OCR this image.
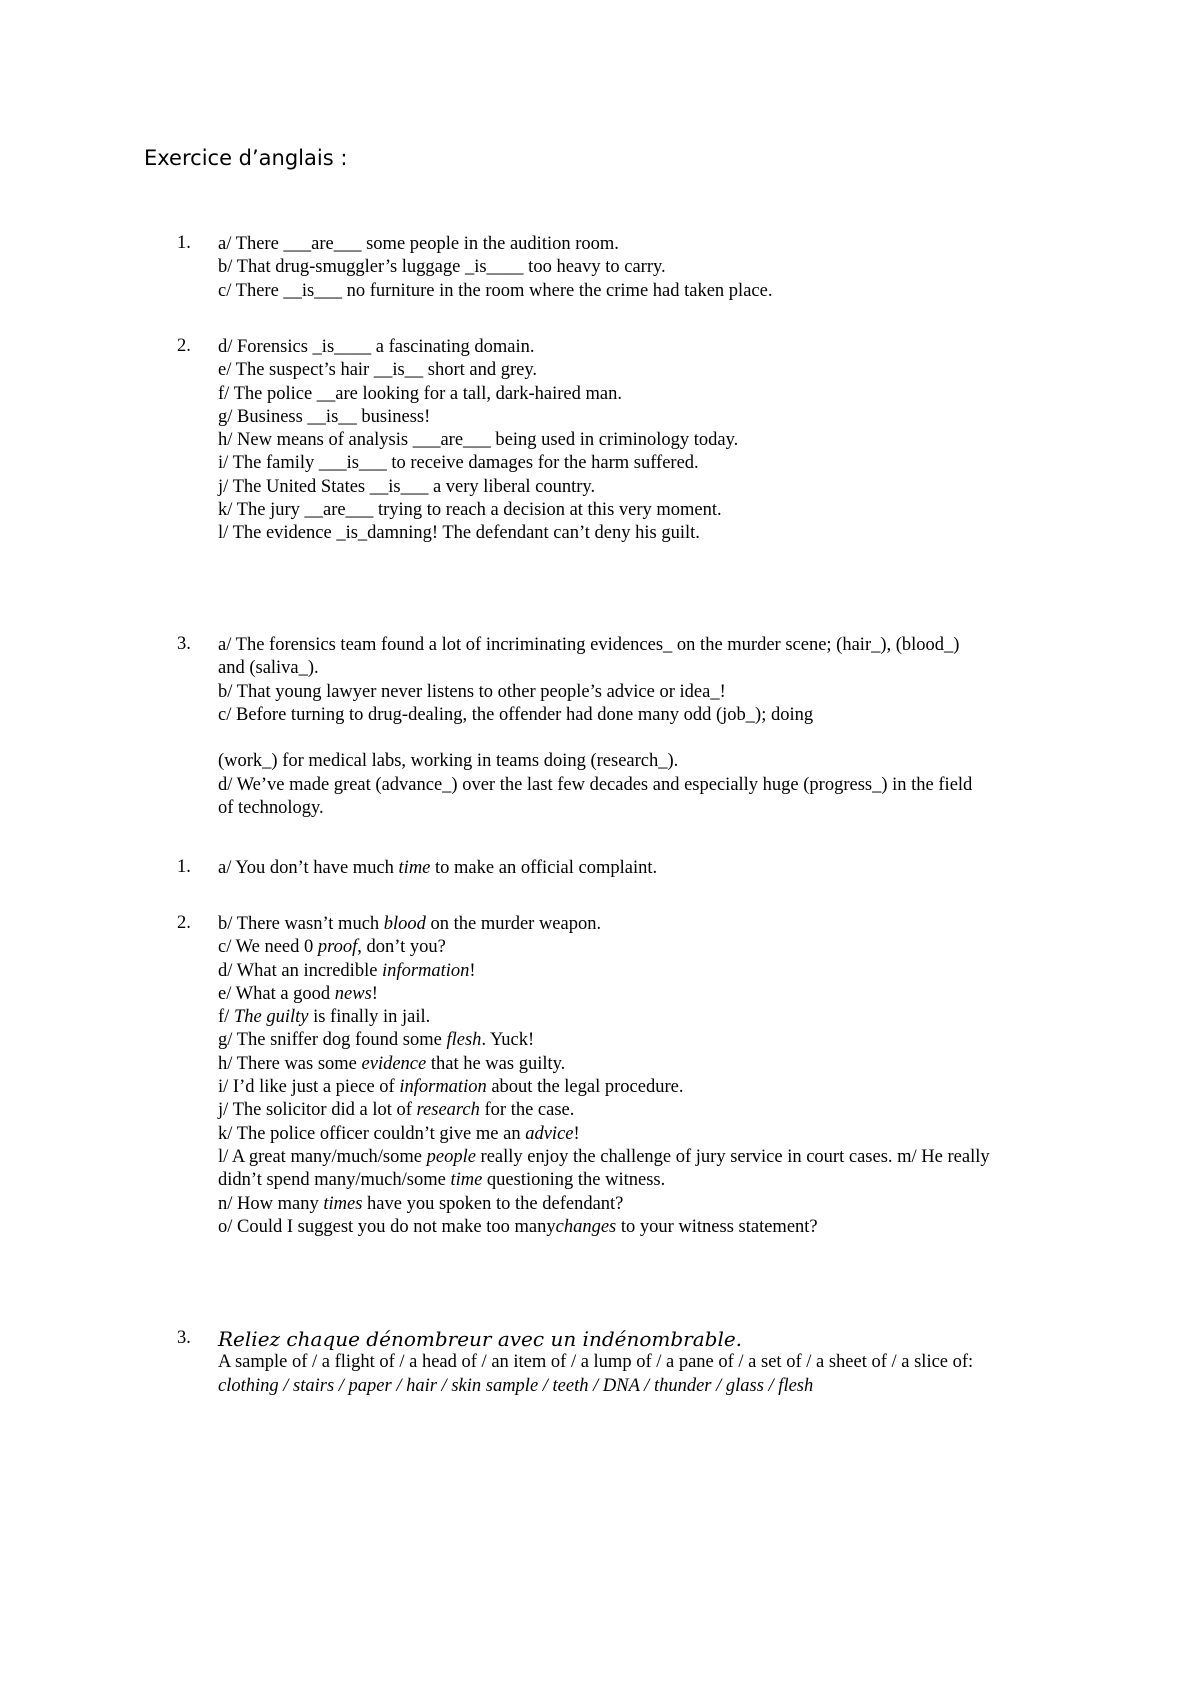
Exercice d’anglais :
1. a/ There ___are___ some people in the audition room.
b/ That drug-smuggler’s luggage _is____ too heavy to carry.
c/ There __is___ no furniture in the room where the crime had taken place.
2. d/ Forensics _is____ a fascinating domain.
e/ The suspect’s hair __is__ short and grey.
f/ The police __are looking for a tall, dark-haired man.
g/ Business __is__ business!
h/ New means of analysis ___are___ being used in criminology today.
i/ The family ___is___ to receive damages for the harm suffered.
j/ The United States __is___ a very liberal country.
k/ The jury __are___ trying to reach a decision at this very moment.
l/ The evidence _is_damning! The defendant can’t deny his guilt.
3. a/ The forensics team found a lot of incriminating evidences_ on the murder scene; (hair_), (blood_)
and (saliva_).
b/ That young lawyer never listens to other people’s advice or idea_!
c/ Before turning to drug-dealing, the offender had done many odd (job_); doing
(work_) for medical labs, working in teams doing (research_).
d/ We’ve made great (advance_) over the last few decades and especially huge (progress_) in the field
of technology.
1. a/ You don’t have much time to make an official complaint.
2. b/ There wasn’t much blood on the murder weapon.
c/ We need 0 proof, don’t you?
d/ What an incredible information!
e/ What a good news!
f/ The guilty is finally in jail.
g/ The sniffer dog found some flesh. Yuck!
h/ There was some evidence that he was guilty.
i/ I’d like just a piece of information about the legal procedure.
j/ The solicitor did a lot of research for the case.
k/ The police officer couldn’t give me an advice!
l/ A great many/much/some people really enjoy the challenge of jury service in court cases. m/ He really
didn’t spend many/much/some time questioning the witness.
n/ How many times have you spoken to the defendant?
o/ Could I suggest you do not make too manychanges to your witness statement?
3. Reliez chaque dénombreur avec un indénombrable.
A sample of / a flight of / a head of / an item of / a lump of / a pane of / a set of / a sheet of / a slice of:
clothing / stairs / paper / hair / skin sample / teeth / DNA / thunder / glass / flesh
